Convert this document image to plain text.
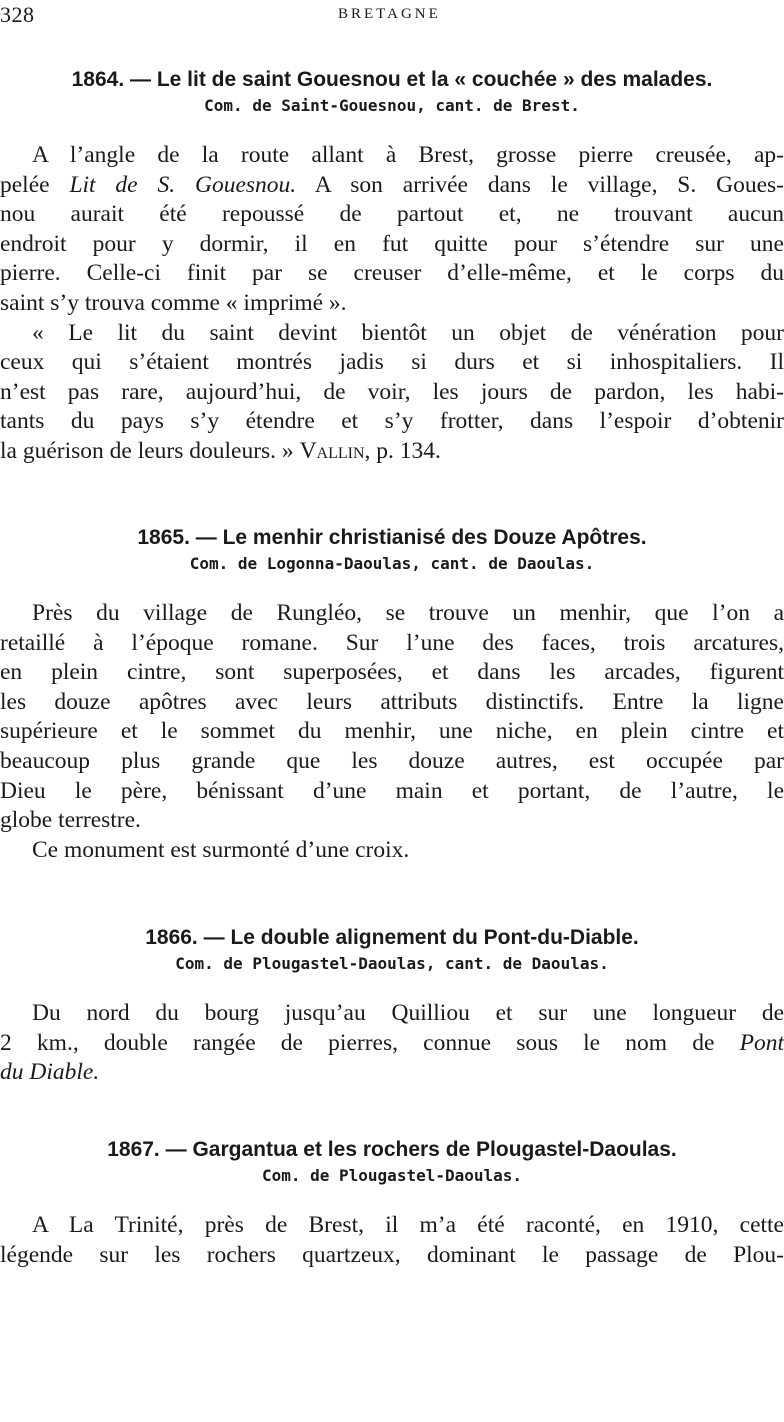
328	BRETAGNE

1864. — Le lit de saint Gouesnou et la « couchée » des malades.

Com. de Saint-Gouesnou, cant. de Brest.

A l’angle de la route allant à Brest, grosse pierre creusée, ap-
pelée Lit de S. Gouesnou. A son arrivée dans le village, S. Goues-
nou aurait été repoussé de partout et, ne trouvant aucun
endroit pour y dormir, il en fut quitte pour s’étendre sur une
pierre. Celle-ci finit par se creuser d’elle-même, et le corps du
saint s’y trouva comme « imprimé ».
« Le lit du saint devint bientôt un objet de vénération pour
ceux qui s’étaient montrés jadis si durs et si inhospitaliers. Il
n’est pas rare, aujourd’hui, de voir, les jours de pardon, les habi-
tants du pays s’y étendre et s’y frotter, dans l’espoir d’obtenir
la guérison de leurs douleurs. » Vallin, p. 134.

1865. — Le menhir christianisé des Douze Apôtres.

Com. de Logonna-Daoulas, cant. de Daoulas.

Près du village de Rungléo, se trouve un menhir, que l’on a
retaillé à l’époque romane. Sur l’une des faces, trois arcatures,
en plein cintre, sont superposées, et dans les arcades, figurent
les douze apôtres avec leurs attributs distinctifs. Entre la ligne
supérieure et le sommet du menhir, une niche, en plein cintre et
beaucoup plus grande que les douze autres, est occupée par
Dieu le père, bénissant d’une main et portant, de l’autre, le
globe terrestre.
Ce monument est surmonté d’une croix.

1866. — Le double alignement du Pont-du-Diable.

Com. de Plougastel-Daoulas, cant. de Daoulas.

Du nord du bourg jusqu’au Quilliou et sur une longueur de
2 km., double rangée de pierres, connue sous le nom de Pont
du Diable.

1867. — Gargantua et les rochers de Plougastel-Daoulas.

Com. de Plougastel-Daoulas.

A La Trinité, près de Brest, il m’a été raconté, en 1910, cette
légende sur les rochers quartzeux, dominant le passage de Plou-
